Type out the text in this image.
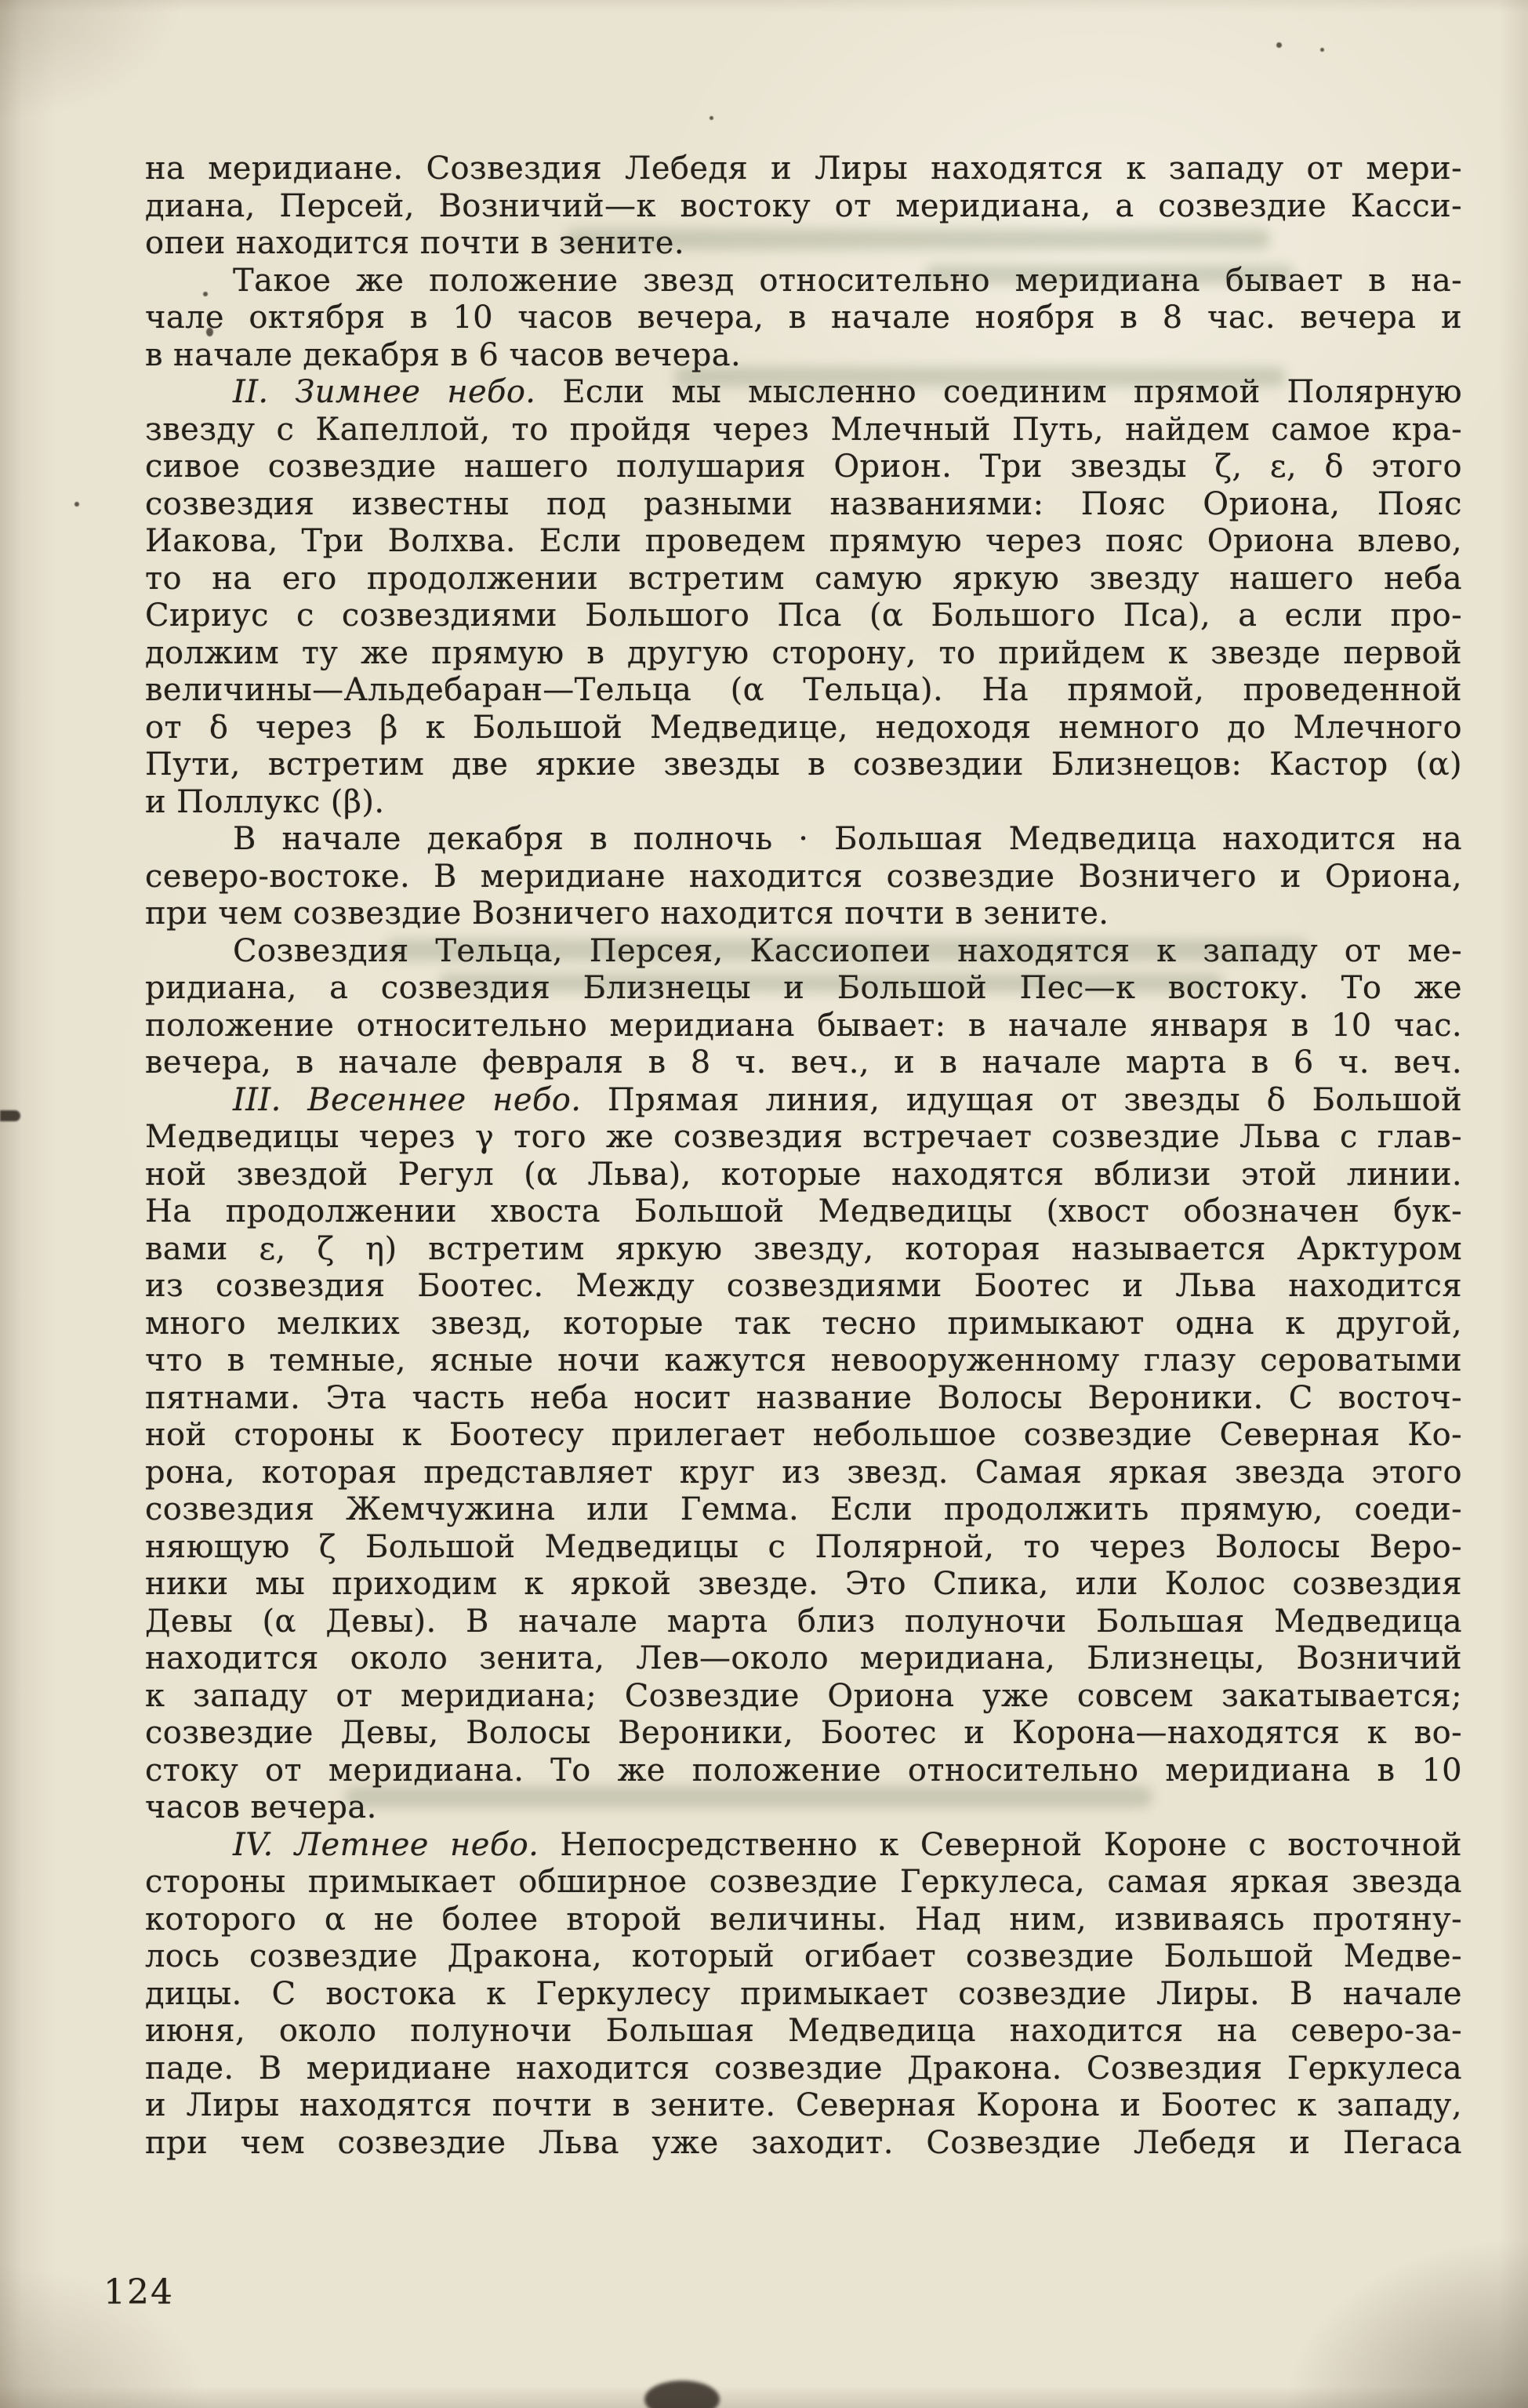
на меридиане. Созвездия Лебедя и Лиры находятся к западу от мери-
диана, Персей, Возничий—к востоку от меридиана, а созвездие Касси-
опеи находится почти в зените.
Такое же положение звезд относительно меридиана бывает в на-
чале октября в 10 часов вечера, в начале ноября в 8 час. вечера и
в начале декабря в 6 часов вечера.
II. Зимнее небо. Если мы мысленно соединим прямой Полярную
звезду с Капеллой, то пройдя через Млечный Путь, найдем самое кра-
сивое созвездие нашего полушария Орион. Три звезды ζ, ε, δ этого
созвездия известны под разными названиями: Пояс Ориона, Пояс
Иакова, Три Волхва. Если проведем прямую через пояс Ориона влево,
то на его продолжении встретим самую яркую звезду нашего неба
Сириус с созвездиями Большого Пса (α Большого Пса), а если про-
должим ту же прямую в другую сторону, то прийдем к звезде первой
величины—Альдебаран—Тельца (α Тельца). На прямой, проведенной
от δ через β к Большой Медведице, недоходя немного до Млечного
Пути, встретим две яркие звезды в созвездии Близнецов: Кастор (α)
и Поллукс (β).
В начале декабря в полночь · Большая Медведица находится на
северо-востоке. В меридиане находится созвездие Возничего и Ориона,
при чем созвездие Возничего находится почти в зените.
Созвездия Тельца, Персея, Кассиопеи находятся к западу от ме-
ридиана, а созвездия Близнецы и Большой Пес—к востоку. То же
положение относительно меридиана бывает: в начале января в 10 час.
вечера, в начале февраля в 8 ч. веч., и в начале марта в 6 ч. веч.
III. Весеннее небо. Прямая линия, идущая от звезды δ Большой
Медведицы через γ того же созвездия встречает созвездие Льва с глав-
ной звездой Регул (α Льва), которые находятся вблизи этой линии.
На продолжении хвоста Большой Медведицы (хвост обозначен бук-
вами ε, ζ η) встретим яркую звезду, которая называется Арктуром
из созвездия Боотес. Между созвездиями Боотес и Льва находится
много мелких звезд, которые так тесно примыкают одна к другой,
что в темные, ясные ночи кажутся невооруженному глазу сероватыми
пятнами. Эта часть неба носит название Волосы Вероники. С восточ-
ной стороны к Боотесу прилегает небольшое созвездие Северная Ко-
рона, которая представляет круг из звезд. Самая яркая звезда этого
созвездия Жемчужина или Гемма. Если продолжить прямую, соеди-
няющую ζ Большой Медведицы с Полярной, то через Волосы Веро-
ники мы приходим к яркой звезде. Это Спика, или Колос созвездия
Девы (α Девы). В начале марта близ полуночи Большая Медведица
находится около зенита, Лев—около меридиана, Близнецы, Возничий
к западу от меридиана; Созвездие Ориона уже совсем закатывается;
созвездие Девы, Волосы Вероники, Боотес и Корона—находятся к во-
стоку от меридиана. То же положение относительно меридиана в 10
часов вечера.
IV. Летнее небо. Непосредственно к Северной Короне с восточной
стороны примыкает обширное созвездие Геркулеса, самая яркая звезда
которого α не более второй величины. Над ним, извиваясь протяну-
лось созвездие Дракона, который огибает созвездие Большой Медве-
дицы. С востока к Геркулесу примыкает созвездие Лиры. В начале
июня, около полуночи Большая Медведица находится на северо-за-
паде. В меридиане находится созвездие Дракона. Созвездия Геркулеса
и Лиры находятся почти в зените. Северная Корона и Боотес к западу,
при чем созвездие Льва уже заходит. Созвездие Лебедя и Пегаса
124
